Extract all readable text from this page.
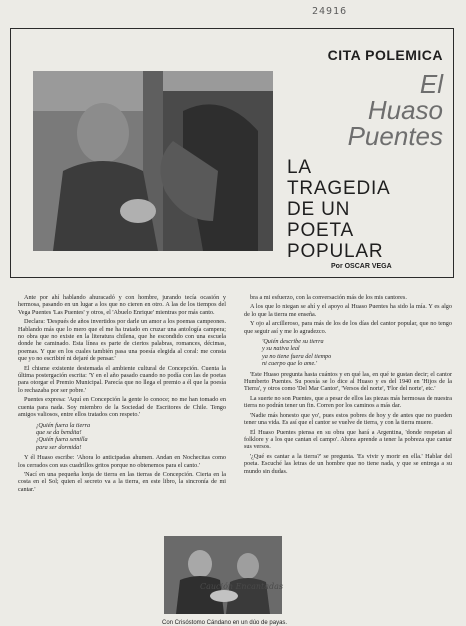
24916
CITA POLEMICA
El
Huaso
Puentes
LA
TRAGEDIA
DE UN
POETA
POPULAR
Por OSCAR VEGA

Ante por ahí hablando ahuracadó y con hombre, jurando tecía ocasión y hermosa, pasando en un lugar a los que no cieren en otro. A las de los tiempos del Vega Puentes 'Las Puentes' y otros, el 'Abuelo Enrique' mientras por más canto.

Declara: 'Después de años invertidos por darle un amor a los poemas campeones. Hablando más que lo mero que el me ha tratado en cruzar una antología campera; no obra que no existe en la literatura chilena, que he escondido con una escuela donde he caminado. Esta línea es parte de ciertos palabras, romances, décimas, poemas. Y que en los cuales también pasa una poesía elegida al coral: me consta que yo no escribiré ni dejaré de pensar.'

El chisme existente destemada el ambiente cultural de Concepción. Cuenta la última postergación escrita: 'Y en el año pasado cuando no podía con las de poetas para otorgar el Premio Municipal. Parecía que no llega el premio a él que la poesía lo rechazaba por ser pobre.'

Puentes expresa: 'Aquí en Concepción la gente lo conoce; no me han tomado en cuenta para nada. Soy miembro de la Sociedad de Escritores de Chile. Tengo amigos valiosos, entre ellos tratados con respeto.'

¡Quién fuera la tierra
que se da bendita!
¡Quién fuera semilla
para ser dormida!

Y él Huaso escribe: 'Ahora lo anticipadas ahumen. Andan en Nochecitas como los cerrados con sus cuadrillos gritos porque no obtenemos para el canto.'

'Nací en una pequeña lonja de tierra en las tierras de Concepción. Cierta en la costa en el Sol; quien el secreto va a la tierra, en este libro, la sincronía de mi cantar.'

bra a mi esfuerzo, con la conversación más de los mis cantores.

A los que lo niegan se ahí y el apoyo al Huaso Puentes ha sido la mía. Y es algo de lo que la tierra me enseña.

Y ojo al arcilleroso, para más de los de los días del cantor popular, que no tengo que seguir así y me lo agradezco.

'Quién describe su tierra
y su nativa leal
ya no tiene fuera del tiempo
ni cuerpo que lo ame.'

'Este Huaso pregunta hasta cuántos y en qué las, en qué te gustan decir; el cantor Humberto Puentes. Su poesía se lo dice al Huaso y es del 1940 en 'Hijos de la Tierra', y otros como 'Del Mar Cantor', 'Versos del norte', 'Flor del norte', etc.'

La suerte no son Puentes, que a pesar de ellos las piezas más hermosas de nuestra tierra no podrán tener un fin. Corren por los caminos a más dar.

'Nadie más honesto que yo', pues estos pobres de hoy y de antes que no pueden tener una vida. Es así que el cantor se vuelve de tierra, y con la tierra muere.

El Huaso Puentes piensa en su obra que hará a Argentina, 'donde respetan al folklore y a los que cantan el campo'. Ahora aprende a tener la pobreza que cantar sus versos.

'¿Qué es cantar a la tierra?' se pregunta. 'Es vivir y morir en ella.' Hablar del poeta. Escuché las letras de un hombre que no tiene nada, y que se entrega a su mundo sin dudas.

Con Crisóstomo Cándano en un dúo de payas.
Caución Encantadas
